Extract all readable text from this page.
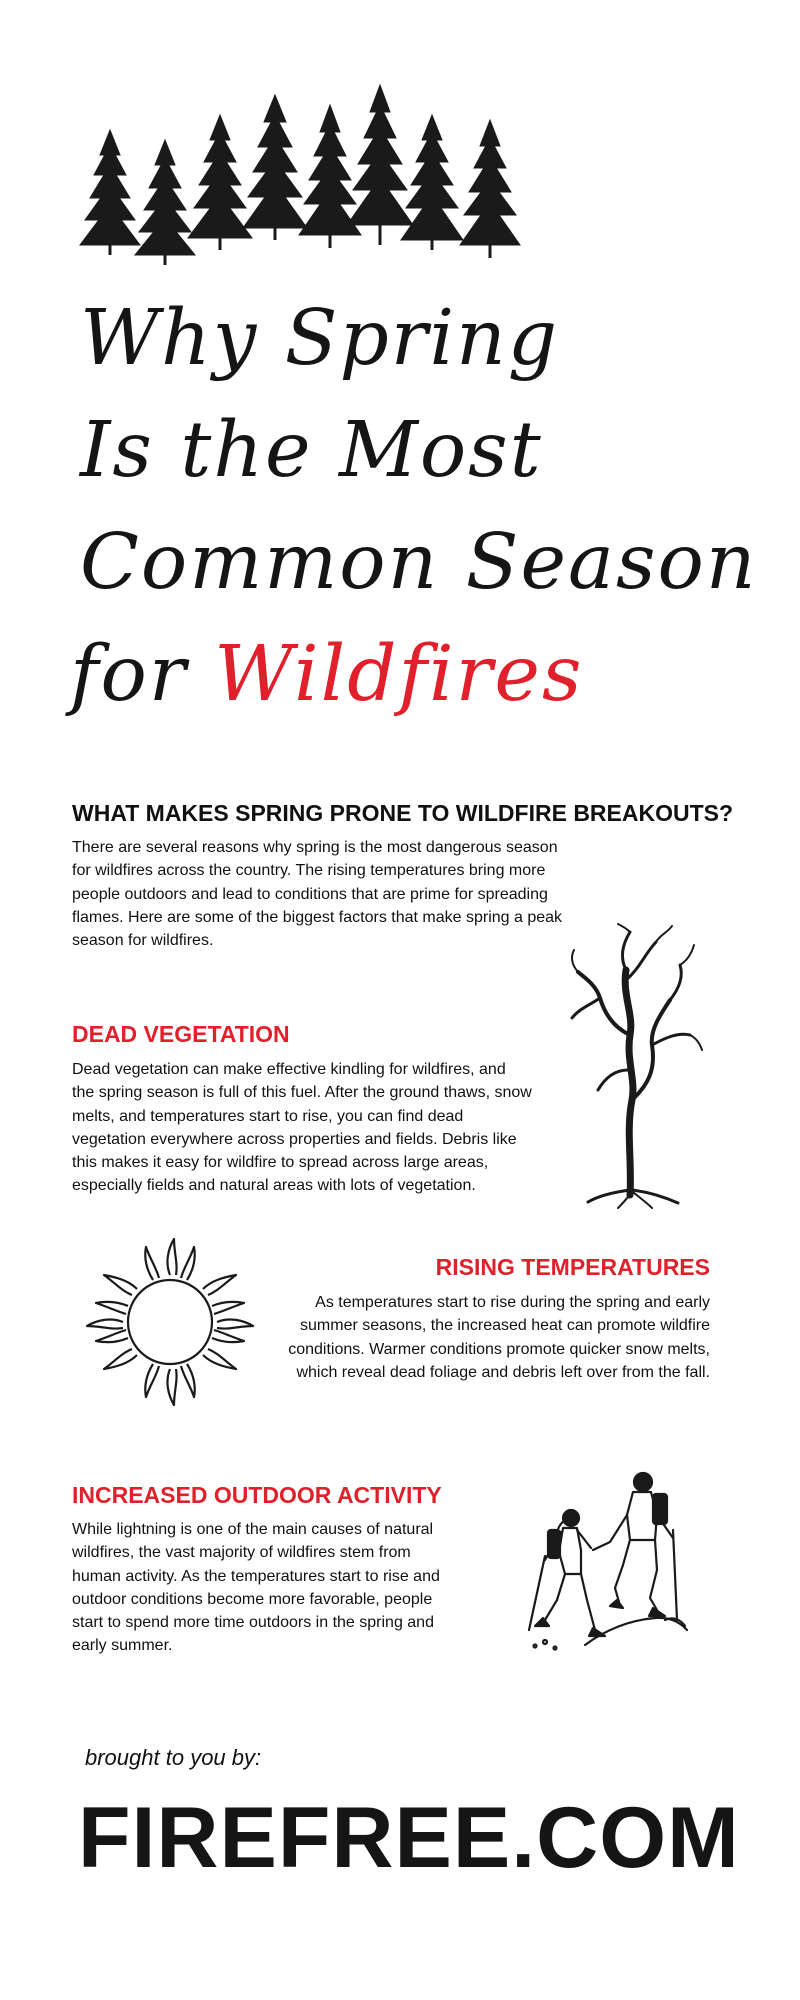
Why Spring
Is the Most
Common Season
for Wildfires
WHAT MAKES SPRING PRONE TO WILDFIRE BREAKOUTS?
There are several reasons why spring is the most dangerous season for wildfires across the country. The rising temperatures bring more people outdoors and lead to conditions that are prime for spreading flames. Here are some of the biggest factors that make spring a peak season for wildfires.
DEAD VEGETATION
Dead vegetation can make effective kindling for wildfires, and the spring season is full of this fuel. After the ground thaws, snow melts, and temperatures start to rise, you can find dead vegetation everywhere across properties and fields. Debris like this makes it easy for wildfire to spread across large areas, especially fields and natural areas with lots of vegetation.
RISING TEMPERATURES
As temperatures start to rise during the spring and early summer seasons, the increased heat can promote wildfire conditions. Warmer conditions promote quicker snow melts, which reveal dead foliage and debris left over from the fall.
INCREASED OUTDOOR ACTIVITY
While lightning is one of the main causes of natural wildfires, the vast majority of wildfires stem from human activity. As the temperatures start to rise and outdoor conditions become more favorable, people start to spend more time outdoors in the spring and early summer.
brought to you by:
FIREFREE.COM
